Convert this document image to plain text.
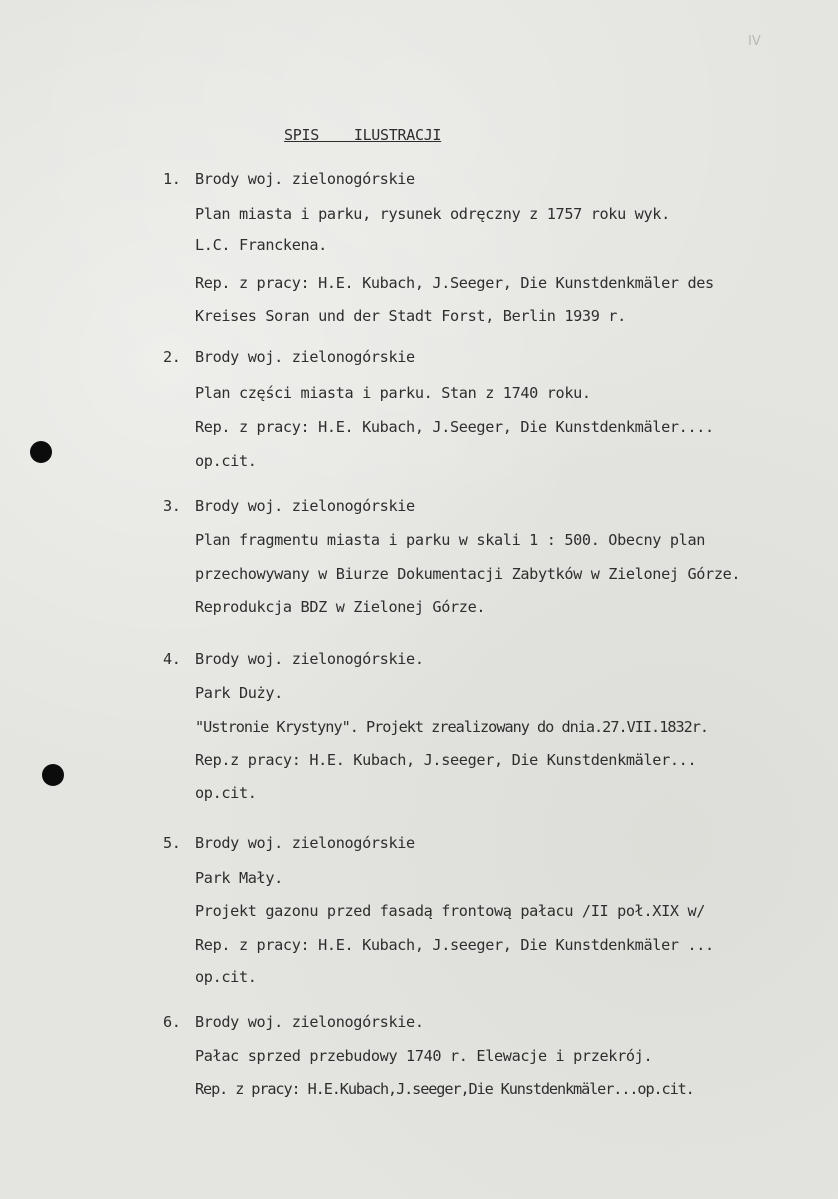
IV
SPIS    ILUSTRACJI
1. Brody woj. zielonogórskie
Plan miasta i parku, rysunek odręczny z 1757 roku wyk.
L.C. Franckena.
Rep. z pracy: H.E. Kubach, J.Seeger, Die Kunstdenkmäler des
Kreises Soran und der Stadt Forst, Berlin 1939 r.
2. Brody woj. zielonogórskie
Plan części miasta i parku. Stan z 1740 roku.
Rep. z pracy: H.E. Kubach, J.Seeger, Die Kunstdenkmäler....
op.cit.
3. Brody woj. zielonogórskie
Plan fragmentu miasta i parku w skali 1 : 500. Obecny plan
przechowywany w Biurze Dokumentacji Zabytków w Zielonej Górze.
Reprodukcja BDZ w Zielonej Górze.
4. Brody woj. zielonogórskie.
Park Duży.
"Ustronie Krystyny". Projekt zrealizowany do dnia.27.VII.1832r.
Rep.z pracy: H.E. Kubach, J.seeger, Die Kunstdenkmäler...
op.cit.
5. Brody woj. zielonogórskie
Park Mały.
Projekt gazonu przed fasadą frontową pałacu /II poł.XIX w/
Rep. z pracy: H.E. Kubach, J.seeger, Die Kunstdenkmäler ...
op.cit.
6. Brody woj. zielonogórskie.
Pałac sprzed przebudowy 1740 r. Elewacje i przekrój.
Rep. z pracy: H.E.Kubach,J.seeger,Die Kunstdenkmäler...op.cit.
